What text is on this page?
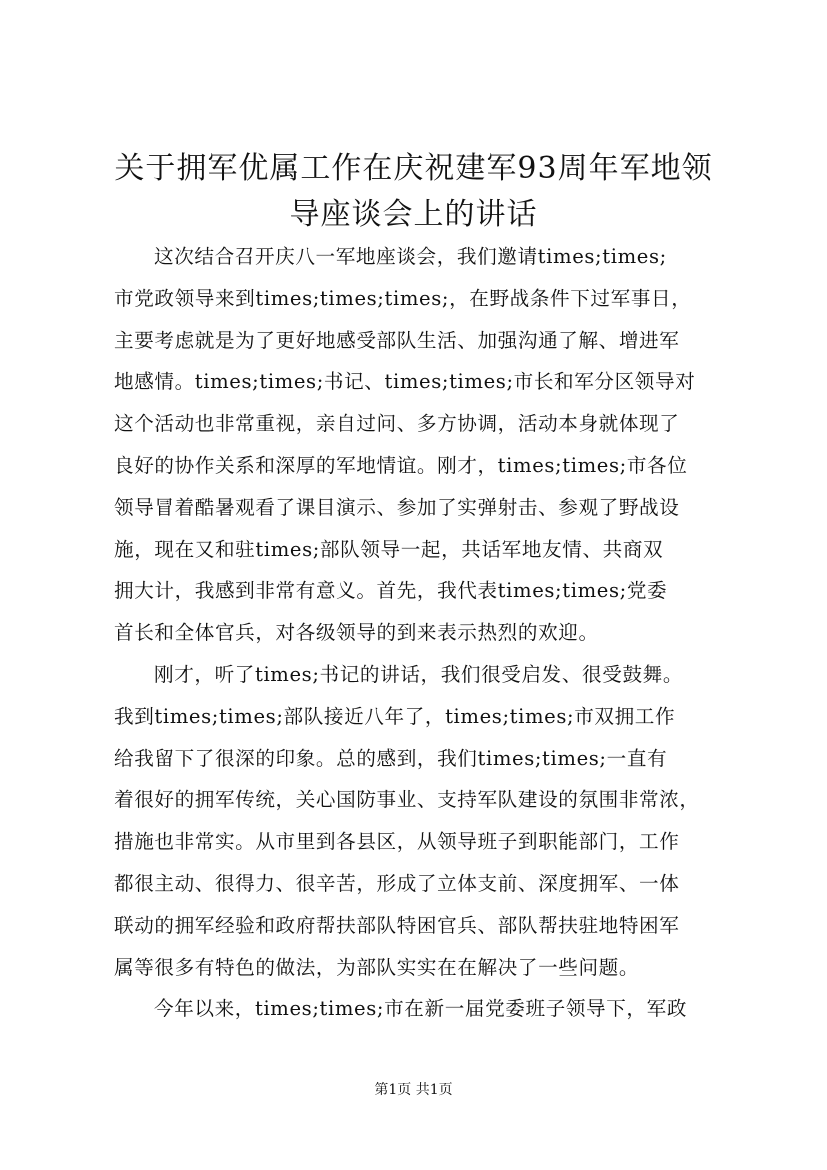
关于拥军优属工作在庆祝建军93周年军地领
导座谈会上的讲话
这次结合召开庆八一军地座谈会，我们邀请times;times;
市党政领导来到times;times;times;，在野战条件下过军事日，
主要考虑就是为了更好地感受部队生活、加强沟通了解、增进军
地感情。times;times;书记、times;times;市长和军分区领导对
这个活动也非常重视，亲自过问、多方协调，活动本身就体现了
良好的协作关系和深厚的军地情谊。刚才，times;times;市各位
领导冒着酷暑观看了课目演示、参加了实弹射击、参观了野战设
施，现在又和驻times;部队领导一起，共话军地友情、共商双
拥大计，我感到非常有意义。首先，我代表times;times;党委
首长和全体官兵，对各级领导的到来表示热烈的欢迎。
刚才，听了times;书记的讲话，我们很受启发、很受鼓舞。
我到times;times;部队接近八年了，times;times;市双拥工作
给我留下了很深的印象。总的感到，我们times;times;一直有
着很好的拥军传统，关心国防事业、支持军队建设的氛围非常浓，
措施也非常实。从市里到各县区，从领导班子到职能部门，工作
都很主动、很得力、很辛苦，形成了立体支前、深度拥军、一体
联动的拥军经验和政府帮扶部队特困官兵、部队帮扶驻地特困军
属等很多有特色的做法，为部队实实在在解决了一些问题。
今年以来，times;times;市在新一届党委班子领导下，军政
第1页 共1页
